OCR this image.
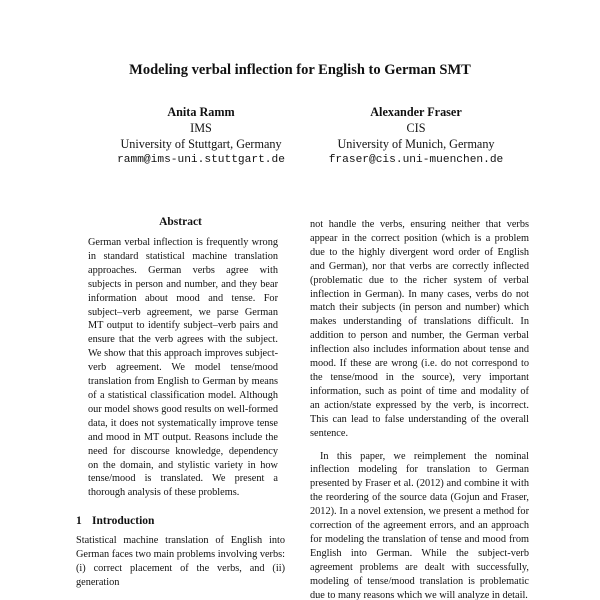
Modeling verbal inflection for English to German SMT
Anita Ramm
IMS
University of Stuttgart, Germany
ramm@ims-uni.stuttgart.de
Alexander Fraser
CIS
University of Munich, Germany
fraser@cis.uni-muenchen.de
Abstract

German verbal inflection is frequently wrong in standard statistical machine translation approaches. German verbs agree with subjects in person and number, and they bear information about mood and tense. For subject–verb agreement, we parse German MT output to identify subject–verb pairs and ensure that the verb agrees with the subject. We show that this approach improves subject-verb agreement. We model tense/mood translation from English to German by means of a statistical classification model. Although our model shows good results on well-formed data, it does not systematically improve tense and mood in MT output. Reasons include the need for discourse knowledge, dependency on the domain, and stylistic variety in how tense/mood is translated. We present a thorough analysis of these problems.

1 Introduction

Statistical machine translation of English into German faces two main problems involving verbs: (i) correct placement of the verbs, and (ii) generation

not handle the verbs, ensuring neither that verbs appear in the correct position (which is a problem due to the highly divergent word order of English and German), nor that verbs are correctly inflected (problematic due to the richer system of verbal inflection in German). In many cases, verbs do not match their subjects (in person and number) which makes understanding of translations difficult. In addition to person and number, the German verbal inflection also includes information about tense and mood. If these are wrong (i.e. do not correspond to the tense/mood in the source), very important information, such as point of time and modality of an action/state expressed by the verb, is incorrect. This can lead to false understanding of the overall sentence.

In this paper, we reimplement the nominal inflection modeling for translation to German presented by Fraser et al. (2012) and combine it with the reordering of the source data (Gojun and Fraser, 2012). In a novel extension, we present a method for correction of the agreement errors, and an approach for modeling the translation of tense and mood from English into German. While the subject-verb agreement problems are dealt with successfully, modeling of tense/mood translation is problematic due to many reasons which we will analyze in detail.
